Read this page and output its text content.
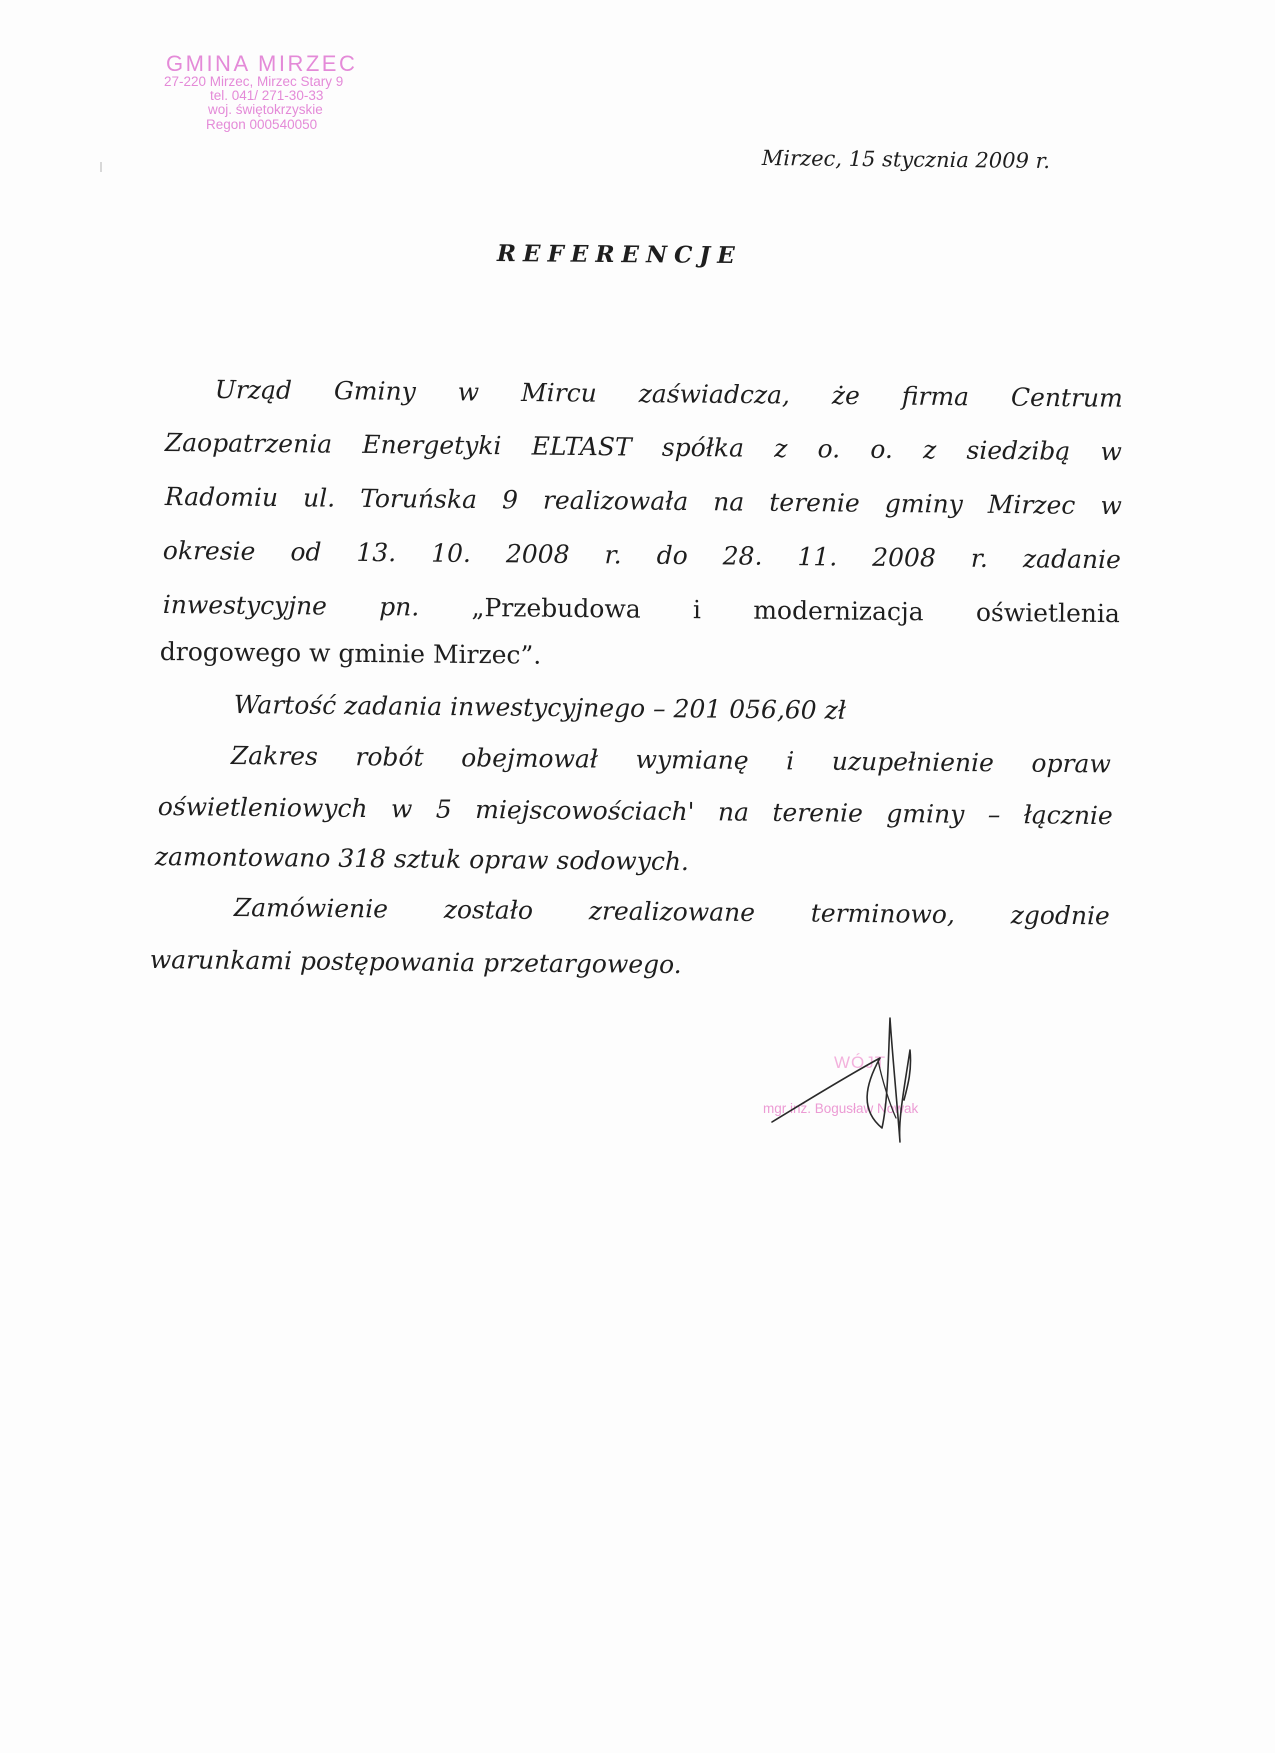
GMINA MIRZEC
27-220 Mirzec, Mirzec Stary 9
tel. 041/ 271-30-33
woj. świętokrzyskie
Regon 000540050
Mirzec, 15 stycznia 2009 r.
REFERENCJE
Urząd Gminy w Mircu zaświadcza, że firma Centrum
Zaopatrzenia Energetyki ELTAST spółka z o. o. z siedzibą w
Radomiu ul. Toruńska 9 realizowała na terenie gminy Mirzec w
okresie od 13. 10. 2008 r. do 28. 11. 2008 r. zadanie
inwestycyjne pn. „Przebudowa i modernizacja oświetlenia
drogowego w gminie Mirzec”.
Wartość zadania inwestycyjnego – 201 056,60 zł
Zakres robót obejmował wymianę i uzupełnienie opraw
oświetleniowych w 5 miejscowościach' na terenie gminy – łącznie
zamontowano 318 sztuk opraw sodowych.
Zamówienie zostało zrealizowane terminowo, zgodnie
warunkami postępowania przetargowego.
WÓJT
mgr inż. Bogusław Nowak
